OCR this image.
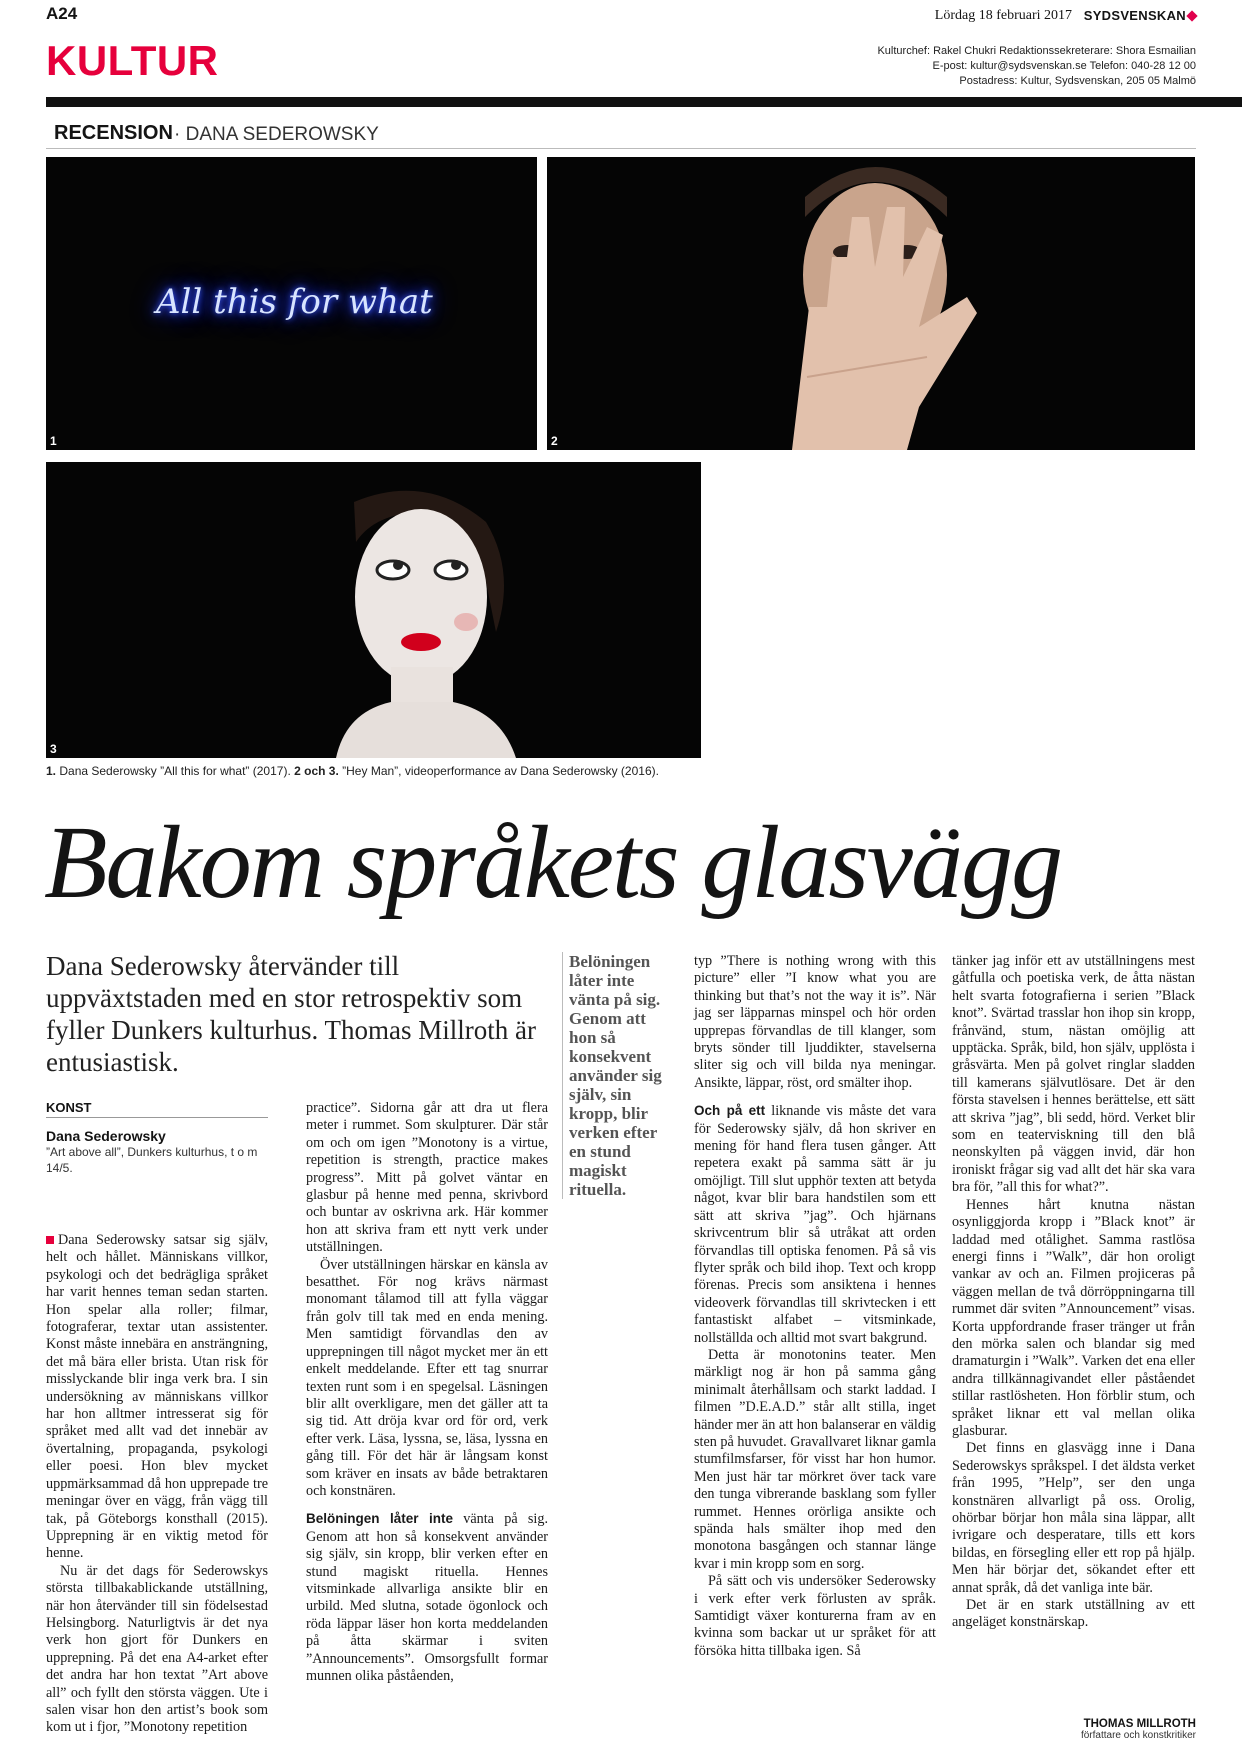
A24	Lördag 18 februari 2017 SYDSVENSKAN
KULTUR	Kulturchef: Rakel Chukri Redaktionssekreterare: Shora Esmailian
E-post: kultur@sydsvenskan.se Telefon: 040-28 12 00
Postadress: Kultur, Sydsvenskan, 205 05 Malmö
RECENSION · DANA SEDEROWSKY
All this for what
1	2
3
1. Dana Sederowsky ”All this for what” (2017). 2 och 3. ”Hey Man”, videoperformance av Dana Sederowsky (2016).
Bakom språkets glasvägg
Dana Sederowsky återvänder till uppväxtstaden med en stor retrospektiv som fyller Dunkers kulturhus. Thomas Millroth är entusiastisk.
Belöningen låter inte vänta på sig. Genom att hon så konsekvent använder sig själv, sin kropp, blir verken efter en stund magiskt rituella.
KONST
Dana Sederowsky
”Art above all”, Dunkers kulturhus, t o m 14/5.

Dana Sederowsky satsar sig själv, helt och hållet. Människans villkor, psykologi och det bedrägliga språket har varit hennes teman sedan starten. Hon spelar alla roller; filmar, fotograferar, textar utan assistenter. Konst måste innebära en ansträngning, det må bära eller brista. Utan risk för misslyckande blir inga verk bra. I sin undersökning av människans villkor har hon alltmer intresserat sig för språket med allt vad det innebär av övertalning, propaganda, psykologi eller poesi. Hon blev mycket uppmärksammad då hon upprepade tre meningar över en vägg, från vägg till tak, på Göteborgs konsthall (2015). Upprepning är en viktig metod för henne.

Nu är det dags för Sederowskys största tillbakablickande utställning, när hon återvänder till sin födelsestad Helsingborg. Naturligtvis är det nya verk hon gjort för Dunkers en upprepning. På det ena A4-arket efter det andra har hon textat ”Art above all” och fyllt den största väggen. Ute i salen visar hon den artist’s book som kom ut i fjor, ”Monotony repetition

practice”. Sidorna går att dra ut flera meter i rummet. Som skulpturer. Där står om och om igen ”Monotony is a virtue, repetition is strength, practice makes progress”. Mitt på golvet väntar en glasbur på henne med penna, skrivbord och buntar av oskrivna ark. Här kommer hon att skriva fram ett nytt verk under utställningen.

Över utställningen härskar en känsla av besatthet. För nog krävs närmast monomant tålamod till att fylla väggar från golv till tak med en enda mening. Men samtidigt förvandlas den av upprepningen till något mycket mer än ett enkelt meddelande. Efter ett tag snurrar texten runt som i en spegelsal. Läsningen blir allt overkligare, men det gäller att ta sig tid. Att dröja kvar ord för ord, verk efter verk. Läsa, lyssna, se, läsa, lyssna en gång till. För det här är långsam konst som kräver en insats av både betraktaren och konstnären.

Belöningen låter inte vänta på sig. Genom att hon så konsekvent använder sig själv, sin kropp, blir verken efter en stund magiskt rituella. Hennes vitsminkade allvarliga ansikte blir en urbild. Med slutna, sotade ögonlock och röda läppar läser hon korta meddelanden på åtta skärmar i sviten ”Announcements”. Omsorgsfullt formar munnen olika påståenden,

typ ”There is nothing wrong with this picture” eller ”I know what you are thinking but that’s not the way it is”. När jag ser läpparnas minspel och hör orden upprepas förvandlas de till klanger, som bryts sönder till ljuddikter, stavelserna sliter sig och vill bilda nya meningar. Ansikte, läppar, röst, ord smälter ihop.

Och på ett liknande vis måste det vara för Sederowsky själv, då hon skriver en mening för hand flera tusen gånger. Att repetera exakt på samma sätt är ju omöjligt. Till slut upphör texten att betyda något, kvar blir bara handstilen som ett sätt att skriva ”jag”. Och hjärnans skrivcentrum blir så utråkat att orden förvandlas till optiska fenomen. På så vis flyter språk och bild ihop. Text och kropp förenas. Precis som ansiktena i hennes videoverk förvandlas till skrivtecken i ett fantastiskt alfabet – vitsminkade, nollställda och alltid mot svart bakgrund.

Detta är monotonins teater. Men märkligt nog är hon på samma gång minimalt återhållsam och starkt laddad. I filmen ”D.E.A.D.” står allt stilla, inget händer mer än att hon balanserar en väldig sten på huvudet. Gravallvaret liknar gamla stumfilmsfarser, för visst har hon humor. Men just här tar mörkret över tack vare den tunga vibrerande basklang som fyller rummet. Hennes orörliga ansikte och spända hals smälter ihop med den monotona basgången och stannar länge kvar i min kropp som en sorg.

På sätt och vis undersöker Sederowsky i verk efter verk förlusten av språk. Samtidigt växer konturerna fram av en kvinna som backar ut ur språket för att försöka hitta tillbaka igen. Så

tänker jag inför ett av utställningens mest gåtfulla och poetiska verk, de åtta nästan helt svarta fotografierna i serien ”Black knot”. Svärtad trasslar hon ihop sin kropp, frånvänd, stum, nästan omöjlig att upptäcka. Språk, bild, hon själv, upplösta i gråsvärta. Men på golvet ringlar sladden till kamerans självutlösare. Det är den första stavelsen i hennes berättelse, ett sätt att skriva ”jag”, bli sedd, hörd. Verket blir som en teaterviskning till den blå neonskylten på väggen invid, där hon ironiskt frågar sig vad allt det här ska vara bra för, ”all this for what?”.

Hennes hårt knutna nästan osynliggjorda kropp i ”Black knot” är laddad med otålighet. Samma rastlösa energi finns i ”Walk”, där hon oroligt vankar av och an. Filmen projiceras på väggen mellan de två dörröppningarna till rummet där sviten ”Announcement” visas. Korta uppfordrande fraser tränger ut från den mörka salen och blandar sig med dramaturgin i ”Walk”. Varken det ena eller andra tillkännagivandet eller påståendet stillar rastlösheten. Hon förblir stum, och språket liknar ett val mellan olika glasburar.

Det finns en glasvägg inne i Dana Sederowskys språkspel. I det äldsta verket från 1995, ”Help”, ser den unga konstnären allvarligt på oss. Orolig, ohörbar börjar hon måla sina läppar, allt ivrigare och desperatare, tills ett kors bildas, en försegling eller ett rop på hjälp. Men här börjar det, sökandet efter ett annat språk, då det vanliga inte bär.

Det är en stark utställning av ett angeläget konstnärskap.

THOMAS MILLROTH
författare och konstkritiker
